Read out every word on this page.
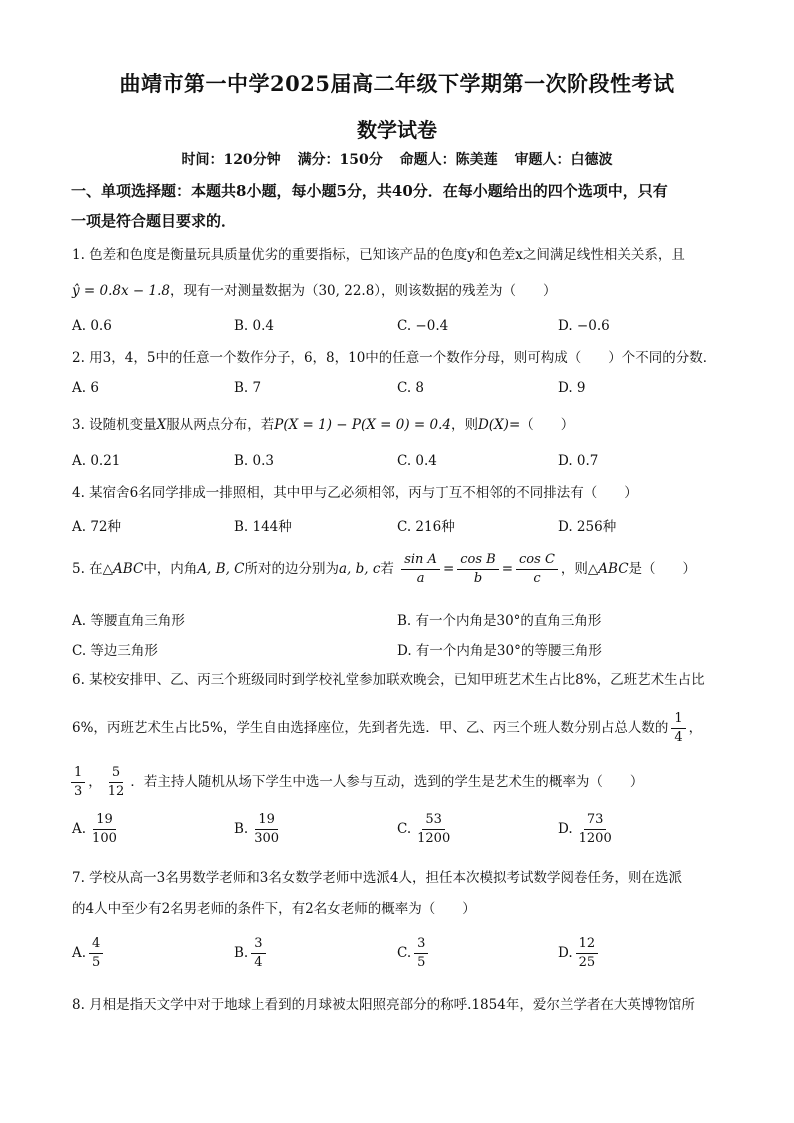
曲靖市第一中学2025届高二年级下学期第一次阶段性考试
数学试卷
时间：120分钟 满分：150分 命题人：陈美莲 审题人：白德波
一、单项选择题：本题共8小题，每小题5分，共40分．在每小题给出的四个选项中，只有
一项是符合题目要求的．
1. 色差和色度是衡量玩具质量优劣的重要指标，已知该产品的色度y和色差x之间满足线性相关关系，且
ŷ = 0.8x − 1.8，现有一对测量数据为（30, 22.8），则该数据的残差为（　　）
A. 0.6	B. 0.4	C. −0.4	D. −0.6
2. 用3，4，5中的任意一个数作分子，6，8，10中的任意一个数作分母，则可构成（　　）个不同的分数．
A. 6	B. 7	C. 8	D. 9
3. 设随机变量X服从两点分布，若P(X = 1) − P(X = 0) = 0.4，则D(X)=（　　）
A. 0.21	B. 0.3	C. 0.4	D. 0.7
4. 某宿舍6名同学排成一排照相，其中甲与乙必须相邻，丙与丁互不相邻的不同排法有（　　）
A. 72种	B. 144种	C. 216种	D. 256种
5. 在△ABC中，内角A, B, C所对的边分别为a, b, c若 $\frac{\text{sin A}}{a} = \frac{\text{cos B}}{b} = \frac{\text{cos C}}{c}$ ，则△ABC是（　　）
A. 等腰直角三角形	B. 有一个内角是30°的直角三角形
C. 等边三角形	D. 有一个内角是30°的等腰三角形
6. 某校安排甲、乙、丙三个班级同时到学校礼堂参加联欢晚会，已知甲班艺术生占比8%，乙班艺术生占比
6%，丙班艺术生占比5%，学生自由选择座位，先到者先选．甲、乙、丙三个班人数分别占总人数的 $\frac{1}{4}$ ，
$\frac{1}{3}$ ， $\frac{5}{12}$ ．若主持人随机从场下学生中选一人参与互动，选到的学生是艺术生的概率为（　　）
A. $\frac{19}{100}$	B. $\frac{19}{300}$	C. $\frac{53}{1200}$	D. $\frac{73}{1200}$
7. 学校从高一3名男数学老师和3名女数学老师中选派4人，担任本次模拟考试数学阅卷任务，则在选派
的4人中至少有2名男老师的条件下，有2名女老师的概率为（　　）
A. $\frac{4}{5}$	B. $\frac{3}{4}$	C. $\frac{3}{5}$	D. $\frac{12}{25}$
8. 月相是指天文学中对于地球上看到的月球被太阳照亮部分的称呼.1854年，爱尔兰学者在大英博物馆所
